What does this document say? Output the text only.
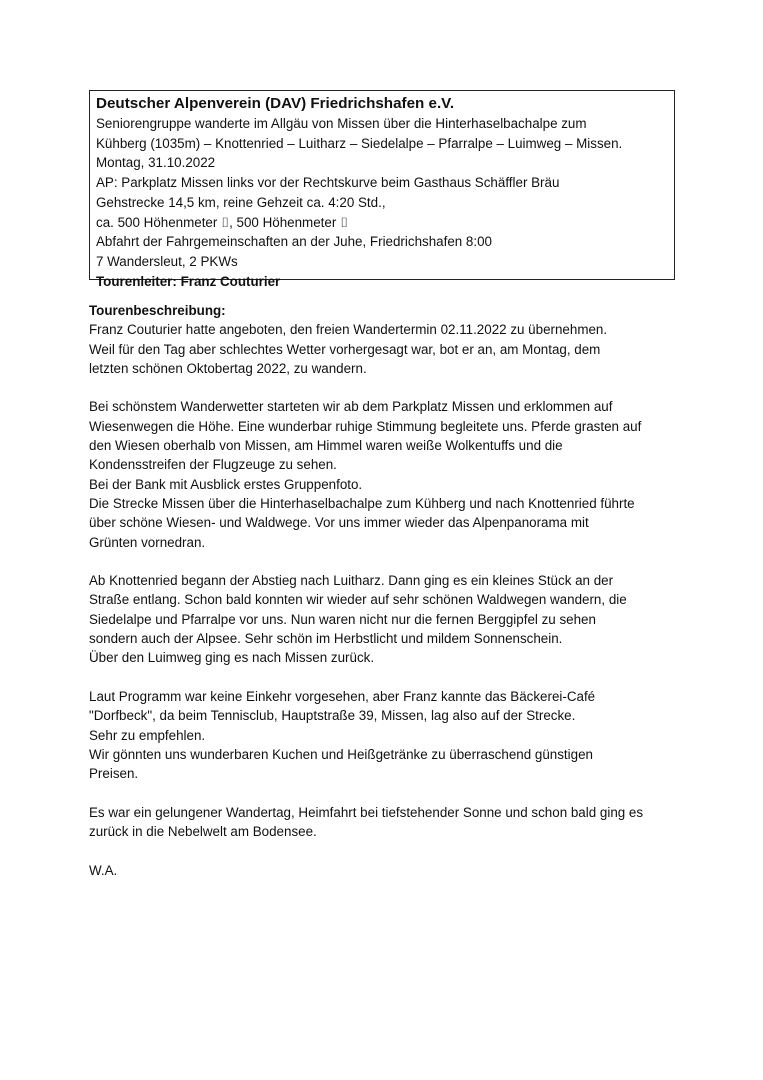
Deutscher Alpenverein (DAV) Friedrichshafen e.V.
Seniorengruppe wanderte im Allgäu von Missen über die Hinterhaselbachalpe zum
Kühberg (1035m) – Knottenried – Luitharz – Siedelalpe – Pfarralpe – Luimweg – Missen.
Montag, 31.10.2022
AP: Parkplatz Missen links vor der Rechtskurve beim Gasthaus Schäffler Bräu
Gehstrecke 14,5 km, reine Gehzeit ca. 4:20 Std.,
ca. 500 Höhenmeter ⌷, 500 Höhenmeter ⌷
Abfahrt der Fahrgemeinschaften an der Juhe, Friedrichshafen 8:00
7 Wandersleut, 2 PKWs
Tourenleiter: Franz Couturier
Tourenbeschreibung:
Franz Couturier hatte angeboten, den freien Wandertermin 02.11.2022 zu übernehmen.
Weil für den Tag aber schlechtes Wetter vorhergesagt war, bot er an, am Montag, dem
letzten schönen Oktobertag 2022, zu wandern.
Bei schönstem Wanderwetter starteten wir ab dem Parkplatz Missen und erklommen auf
Wiesenwegen die Höhe. Eine wunderbar ruhige Stimmung begleitete uns. Pferde grasten auf
den Wiesen oberhalb von Missen, am Himmel waren weiße Wolkentuffs und die
Kondensstreifen der Flugzeuge zu sehen.
Bei der Bank mit Ausblick erstes Gruppenfoto.
Die Strecke Missen über die Hinterhaselbachalpe zum Kühberg und nach Knottenried führte
über schöne Wiesen- und Waldwege. Vor uns immer wieder das Alpenpanorama mit
Grünten vornedran.
Ab Knottenried begann der Abstieg nach Luitharz. Dann ging es ein kleines Stück an der
Straße entlang. Schon bald konnten wir wieder auf sehr schönen Waldwegen wandern, die
Siedelalpe und Pfarralpe vor uns. Nun waren nicht nur die fernen Berggipfel zu sehen
sondern auch der Alpsee. Sehr schön im Herbstlicht und mildem Sonnenschein.
Über den Luimweg ging es nach Missen zurück.
Laut Programm war keine Einkehr vorgesehen, aber Franz kannte das Bäckerei-Café
"Dorfbeck", da beim Tennisclub, Hauptstraße 39, Missen, lag also auf der Strecke.
Sehr zu empfehlen.
Wir gönnten uns wunderbaren Kuchen und Heißgetränke zu überraschend günstigen
Preisen.
Es war ein gelungener Wandertag, Heimfahrt bei tiefstehender Sonne und schon bald ging es
zurück in die Nebelwelt am Bodensee.
W.A.
